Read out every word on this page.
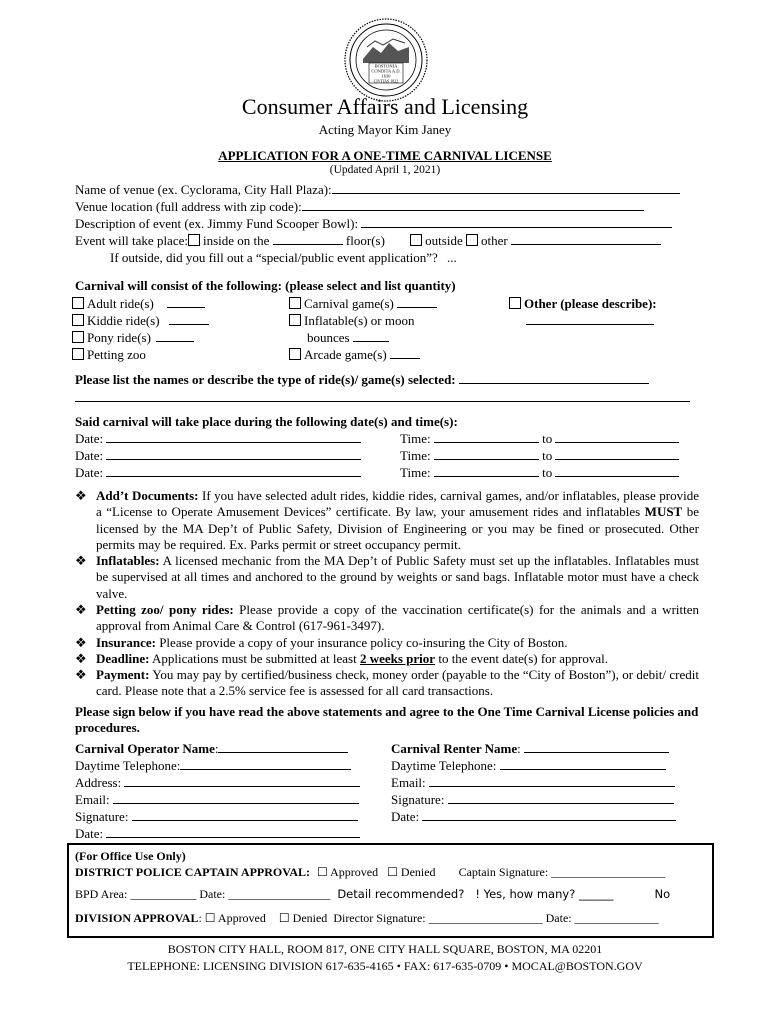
BOSTONIA
CONDITA A.D.
1630
CIVITAS 1822
Consumer Affairs and Licensing
Acting Mayor Kim Janey
APPLICATION FOR A ONE-TIME CARNIVAL LICENSE
(Updated April 1, 2021)
Name of venue (ex. Cyclorama, City Hall Plaza):
Venue location (full address with zip code):
Description of event (ex. Jimmy Fund Scooper Bowl):
Event will take place: inside on the	floor(s)	outside other
If outside, did you fill out a “special/public event application”? ...
Carnival will consist of the following: (please select and list quantity)
Adult ride(s)
Kiddie ride(s)
Pony ride(s)
Petting zoo
Carnival game(s)
Inflatable(s) or moon
bounces
Arcade game(s)
Other (please describe):
Please list the names or describe the type of ride(s)/ game(s) selected:
Said carnival will take place during the following date(s) and time(s):
Date:	Time:	to
Date:	Time:	to
Date:	Time:	to
❖ Add’t Documents: If you have selected adult rides, kiddie rides, carnival games, and/or inflatables, please provide a “License to Operate Amusement Devices” certificate. By law, your amusement rides and inflatables MUST be licensed by the MA Dep’t of Public Safety, Division of Engineering or you may be fined or prosecuted. Other permits may be required. Ex. Parks permit or street occupancy permit.
❖ Inflatables: A licensed mechanic from the MA Dep’t of Public Safety must set up the inflatables. Inflatables must be supervised at all times and anchored to the ground by weights or sand bags. Inflatable motor must have a check valve.
❖ Petting zoo/ pony rides: Please provide a copy of the vaccination certificate(s) for the animals and a written approval from Animal Care & Control (617-961-3497).
❖ Insurance: Please provide a copy of your insurance policy co-insuring the City of Boston.
❖ Deadline: Applications must be submitted at least 2 weeks prior to the event date(s) for approval.
❖ Payment: You may pay by certified/business check, money order (payable to the “City of Boston”), or debit/ credit card. Please note that a 2.5% service fee is assessed for all card transactions.
Please sign below if you have read the above statements and agree to the One Time Carnival License policies and procedures.
Carnival Operator Name:
Daytime Telephone:
Address:
Email:
Signature:
Date:
Carnival Renter Name:
Daytime Telephone:
Email:
Signature:
Date:
(For Office Use Only)
DISTRICT POLICE CAPTAIN APPROVAL: ☐ Approved ☐ Denied Captain Signature: ___________________
BPD Area: ___________ Date: _________________ Detail recommended? ! Yes, how many? ______	No
DIVISION APPROVAL: ☐ Approved ☐ Denied Director Signature: ___________________ Date: ______________
BOSTON CITY HALL, ROOM 817, ONE CITY HALL SQUARE, BOSTON, MA 02201
TELEPHONE: LICENSING DIVISION 617-635-4165 • FAX: 617-635-0709 • MOCAL@BOSTON.GOV
